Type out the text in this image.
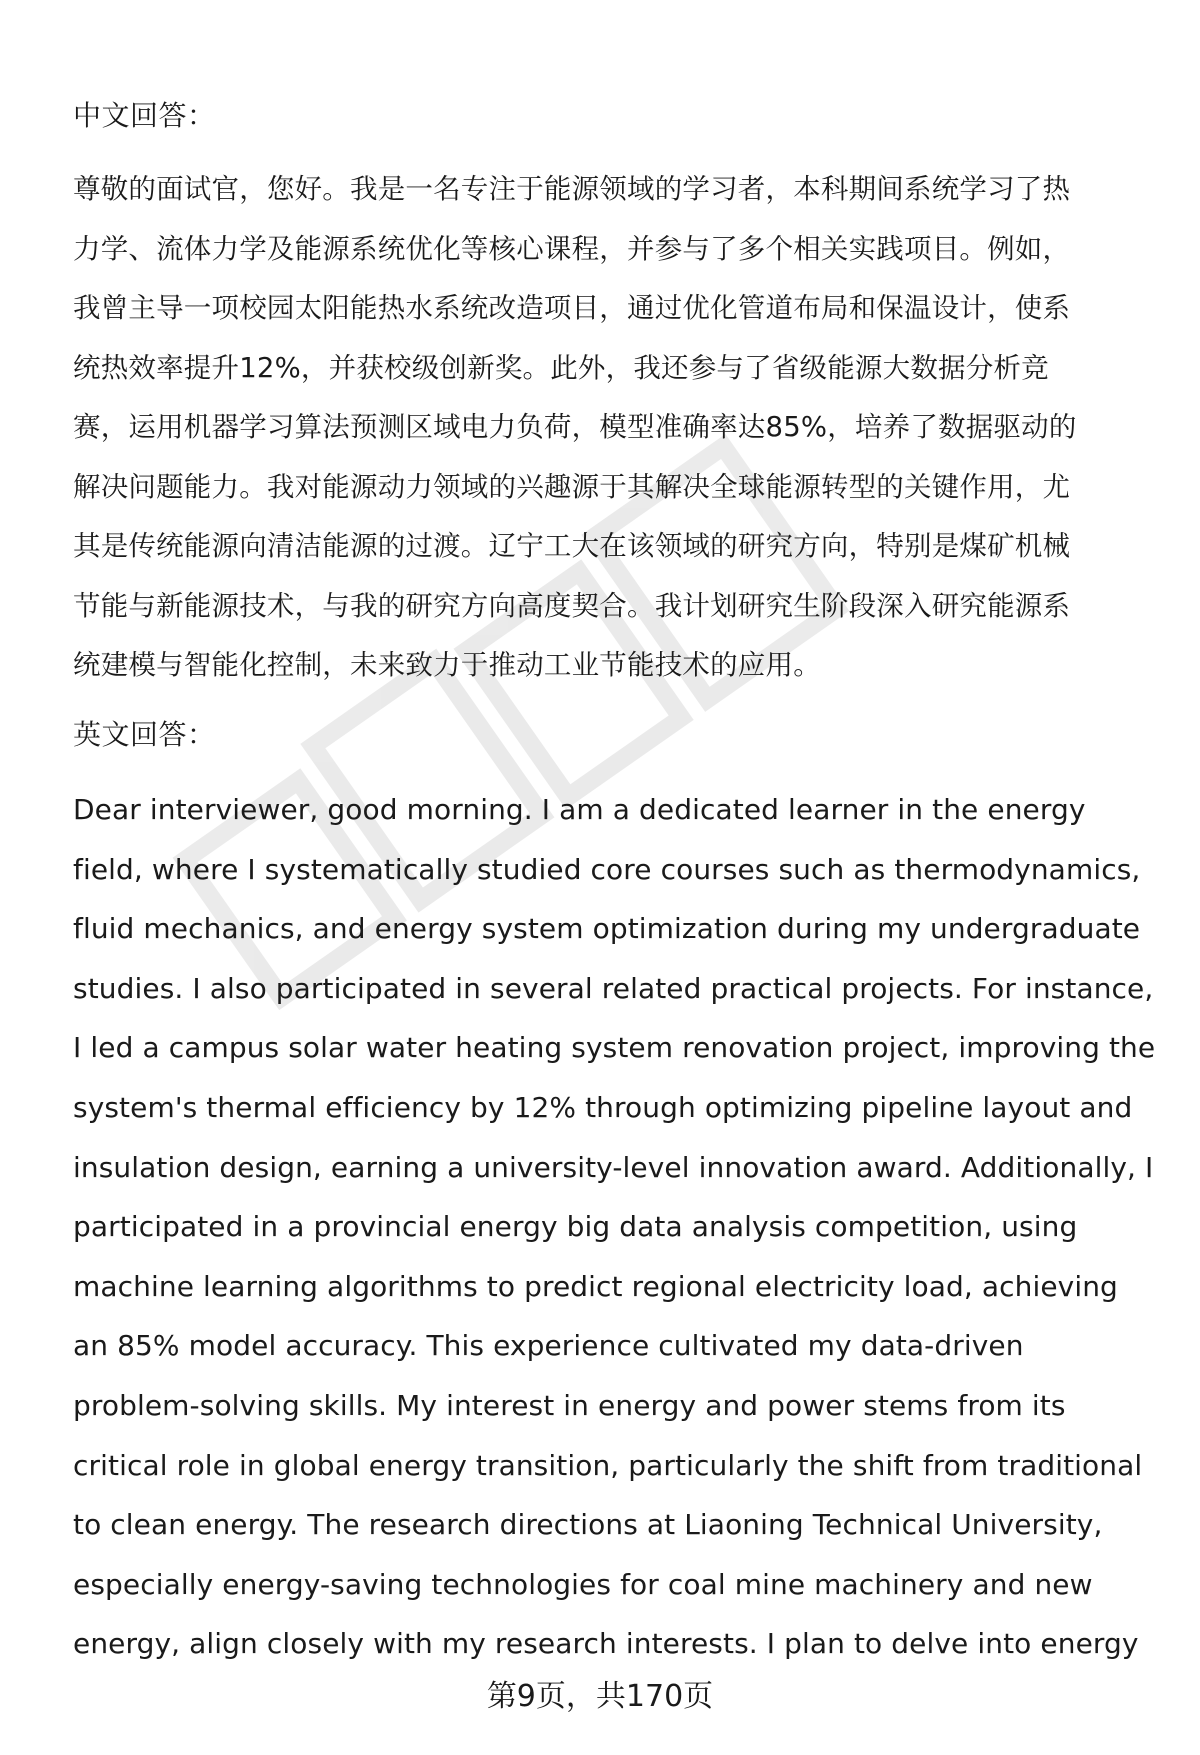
中文回答：
尊敬的面试官，您好。我是一名专注于能源领域的学习者，本科期间系统学习了热
力学、流体力学及能源系统优化等核心课程，并参与了多个相关实践项目。例如，
我曾主导一项校园太阳能热水系统改造项目，通过优化管道布局和保温设计，使系
统热效率提升12%，并获校级创新奖。此外，我还参与了省级能源大数据分析竞
赛，运用机器学习算法预测区域电力负荷，模型准确率达85%，培养了数据驱动的
解决问题能力。我对能源动力领域的兴趣源于其解决全球能源转型的关键作用，尤
其是传统能源向清洁能源的过渡。辽宁工大在该领域的研究方向，特别是煤矿机械
节能与新能源技术，与我的研究方向高度契合。我计划研究生阶段深入研究能源系
统建模与智能化控制，未来致力于推动工业节能技术的应用。
英文回答：
Dear interviewer, good morning. I am a dedicated learner in the energy
field, where I systematically studied core courses such as thermodynamics,
fluid mechanics, and energy system optimization during my undergraduate
studies. I also participated in several related practical projects. For instance,
I led a campus solar water heating system renovation project, improving the
system's thermal efficiency by 12% through optimizing pipeline layout and
insulation design, earning a university-level innovation award. Additionally, I
participated in a provincial energy big data analysis competition, using
machine learning algorithms to predict regional electricity load, achieving
an 85% model accuracy. This experience cultivated my data-driven
problem-solving skills. My interest in energy and power stems from its
critical role in global energy transition, particularly the shift from traditional
to clean energy. The research directions at Liaoning Technical University,
especially energy-saving technologies for coal mine machinery and new
energy, align closely with my research interests. I plan to delve into energy
第9页，共170页
